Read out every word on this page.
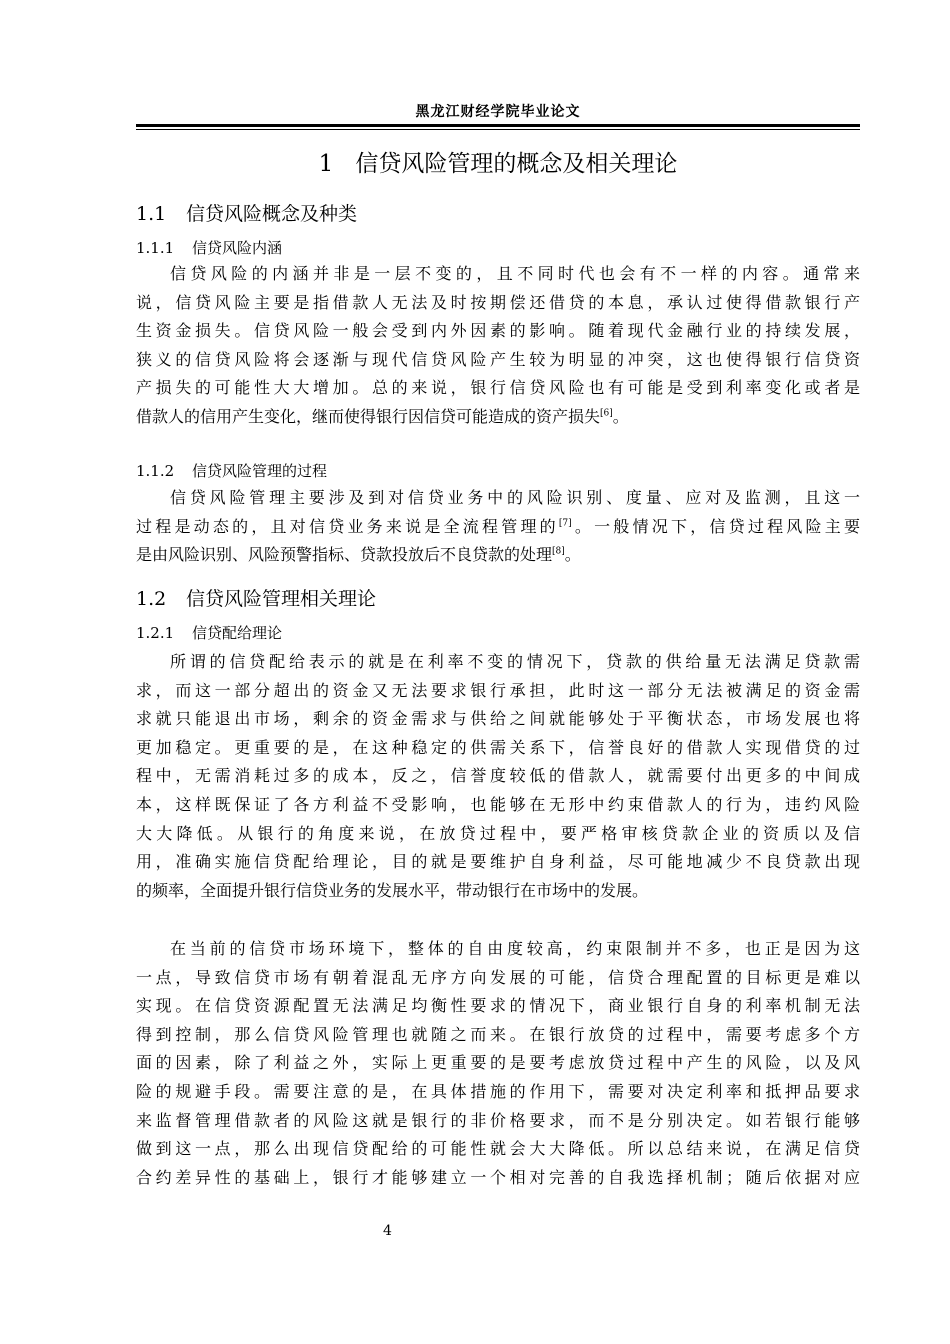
黑龙江财经学院毕业论文
1 信贷风险管理的概念及相关理论
1.1 信贷风险概念及种类
1.1.1 信贷风险内涵
信贷风险的内涵并非是一层不变的，且不同时代也会有不一样的内容。通常来
说，信贷风险主要是指借款人无法及时按期偿还借贷的本息，承认过使得借款银行产
生资金损失。信贷风险一般会受到内外因素的影响。随着现代金融行业的持续发展，
狭义的信贷风险将会逐渐与现代信贷风险产生较为明显的冲突，这也使得银行信贷资
产损失的可能性大大增加。总的来说，银行信贷风险也有可能是受到利率变化或者是
借款人的信用产生变化，继而使得银行因信贷可能造成的资产损失[6]。
1.1.2 信贷风险管理的过程
信贷风险管理主要涉及到对信贷业务中的风险识别、度量、应对及监测，且这一
过程是动态的，且对信贷业务来说是全流程管理的[7]。一般情况下，信贷过程风险主要
是由风险识别、风险预警指标、贷款投放后不良贷款的处理[8]。
1.2 信贷风险管理相关理论
1.2.1 信贷配给理论
所谓的信贷配给表示的就是在利率不变的情况下，贷款的供给量无法满足贷款需
求，而这一部分超出的资金又无法要求银行承担，此时这一部分无法被满足的资金需
求就只能退出市场，剩余的资金需求与供给之间就能够处于平衡状态，市场发展也将
更加稳定。更重要的是，在这种稳定的供需关系下，信誉良好的借款人实现借贷的过
程中，无需消耗过多的成本，反之，信誉度较低的借款人，就需要付出更多的中间成
本，这样既保证了各方利益不受影响，也能够在无形中约束借款人的行为，违约风险
大大降低。从银行的角度来说，在放贷过程中，要严格审核贷款企业的资质以及信
用，准确实施信贷配给理论，目的就是要维护自身利益，尽可能地减少不良贷款出现
的频率，全面提升银行信贷业务的发展水平，带动银行在市场中的发展。
在当前的信贷市场环境下，整体的自由度较高，约束限制并不多，也正是因为这
一点，导致信贷市场有朝着混乱无序方向发展的可能，信贷合理配置的目标更是难以
实现。在信贷资源配置无法满足均衡性要求的情况下，商业银行自身的利率机制无法
得到控制，那么信贷风险管理也就随之而来。在银行放贷的过程中，需要考虑多个方
面的因素，除了利益之外，实际上更重要的是要考虑放贷过程中产生的风险，以及风
险的规避手段。需要注意的是，在具体措施的作用下，需要对决定利率和抵押品要求
来监督管理借款者的风险这就是银行的非价格要求，而不是分别决定。如若银行能够
做到这一点，那么出现信贷配给的可能性就会大大降低。所以总结来说，在满足信贷
合约差异性的基础上，银行才能够建立一个相对完善的自我选择机制；随后依据对应
4
